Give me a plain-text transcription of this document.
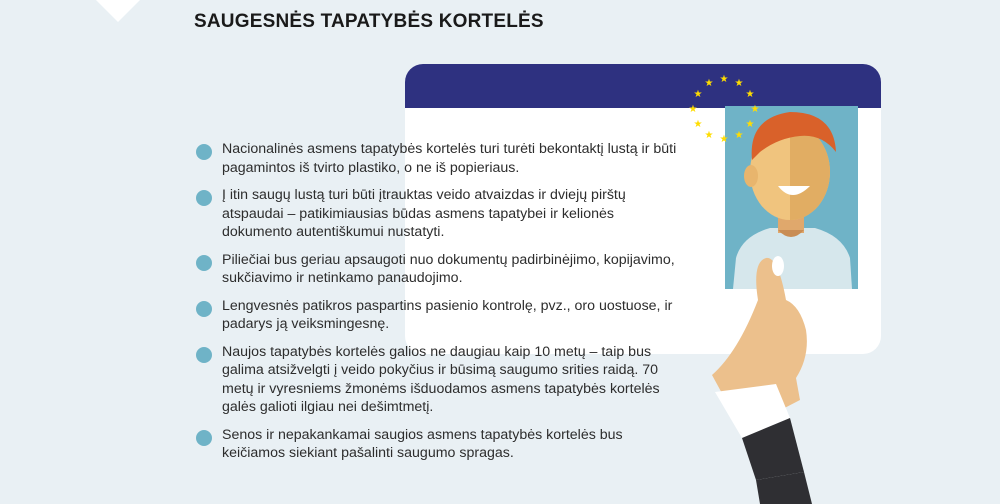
SAUGESNĖS TAPATYBĖS KORTELĖS
★ ★
★
★
★
★
★
★
★
★
★
★
Nacionalinės asmens tapatybės kortelės turi turėti bekontaktį lustą ir būti pagamintos iš tvirto plastiko, o ne iš popieriaus.
Į itin saugų lustą turi būti įtrauktas veido atvaizdas ir dviejų pirštų atspaudai – patikimiausias būdas asmens tapatybei ir kelionės dokumento autentiškumui nustatyti.
Piliečiai bus geriau apsaugoti nuo dokumentų padirbinėjimo, kopijavimo, sukčiavimo ir netinkamo panaudojimo.
Lengvesnės patikros paspartins pasienio kontrolę, pvz., oro uostuose, ir padarys ją veiksmingesnę.
Naujos tapatybės kortelės galios ne daugiau kaip 10 metų – taip bus galima atsižvelgti į veido pokyčius ir būsimą saugumo srities raidą. 70 metų ir vyresniems žmonėms išduodamos asmens tapatybės kortelės galės galioti ilgiau nei dešimtmetį.
Senos ir nepakankamai saugios asmens tapatybės kortelės bus keičiamos siekiant pašalinti saugumo spragas.
